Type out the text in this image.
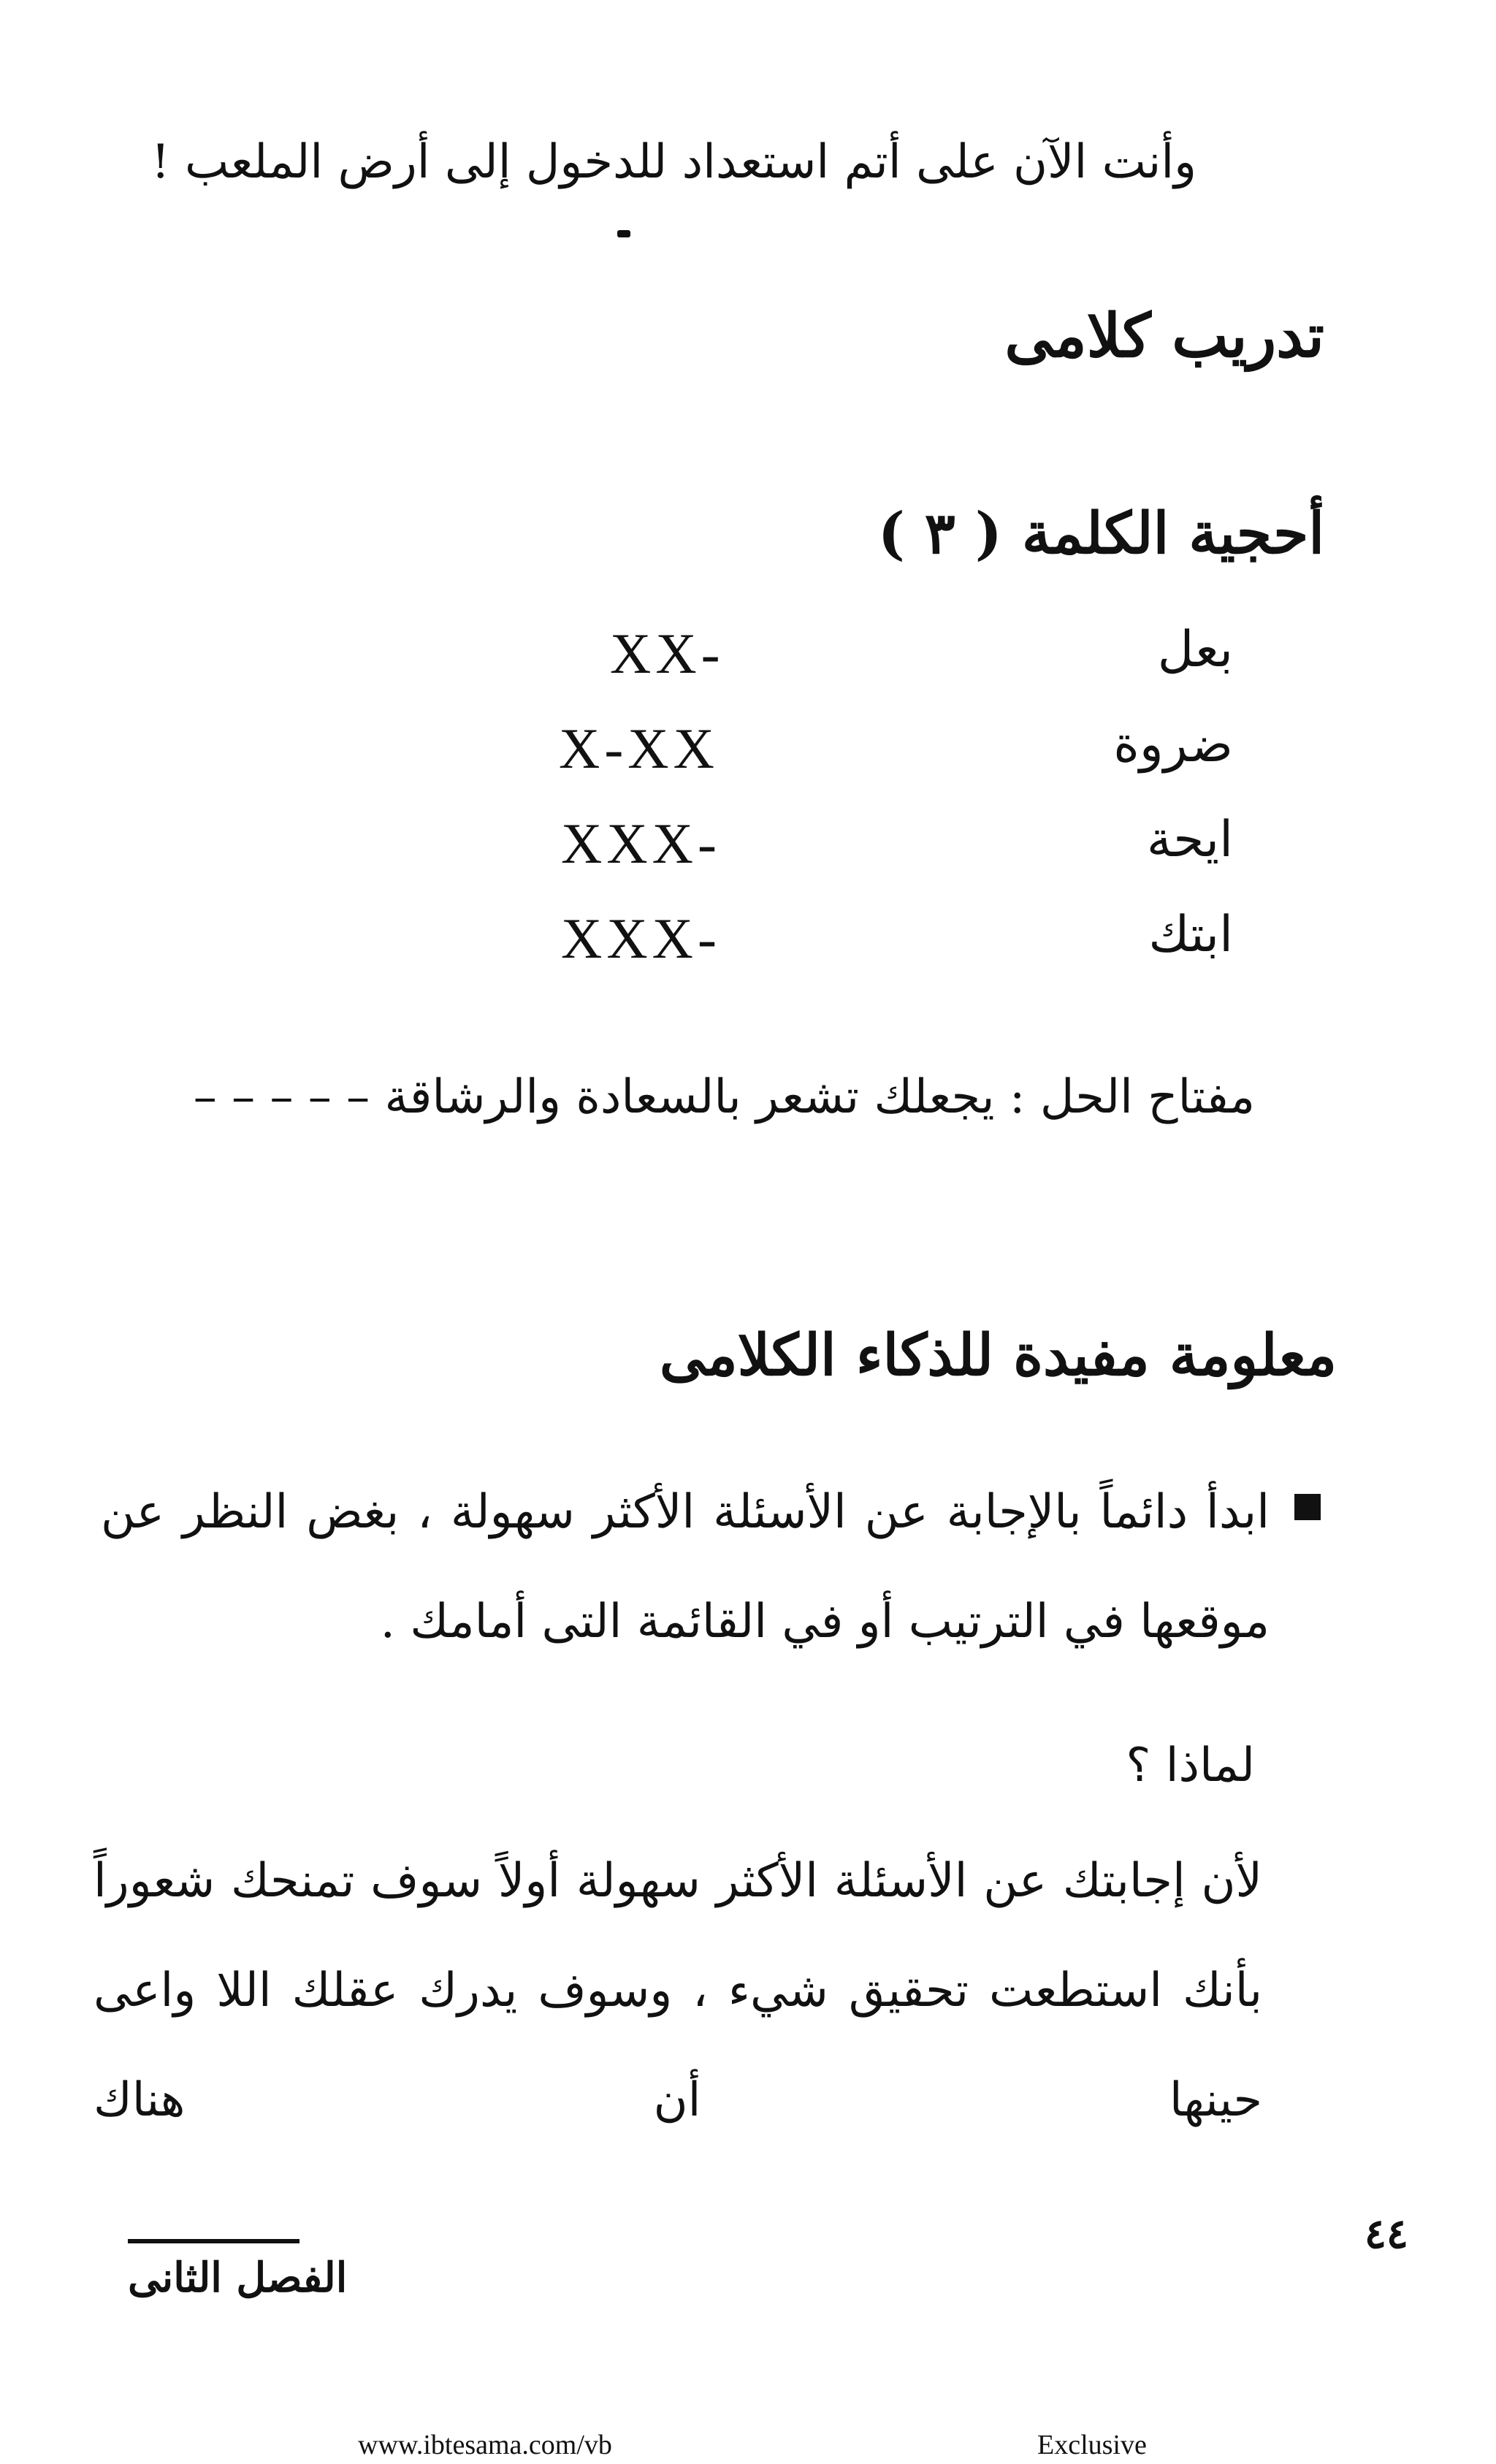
وأنت الآن على أتم استعداد للدخول إلى أرض الملعب !
تدريب كلامى
أحجية الكلمة ( ٣ )
بعل
XX-
ضروة
X-XX
ايحة
XXX-
ابتك
XXX-
مفتاح الحل : يجعلك تشعر بالسعادة والرشاقة – – – – –
معلومة مفيدة للذكاء الكلامى
ابدأ دائماً بالإجابة عن الأسئلة الأكثر سهولة ، بغض النظر عن موقعها في الترتيب أو في القائمة التى أمامك .
لماذا ؟
لأن إجابتك عن الأسئلة الأكثر سهولة أولاً سوف تمنحك شعوراً بأنك استطعت تحقيق شيء ، وسوف يدرك عقلك اللا واعى حينها أن هناك
الفصل الثانى
٤٤
www.ibtesama.com/vb	Exclusive
